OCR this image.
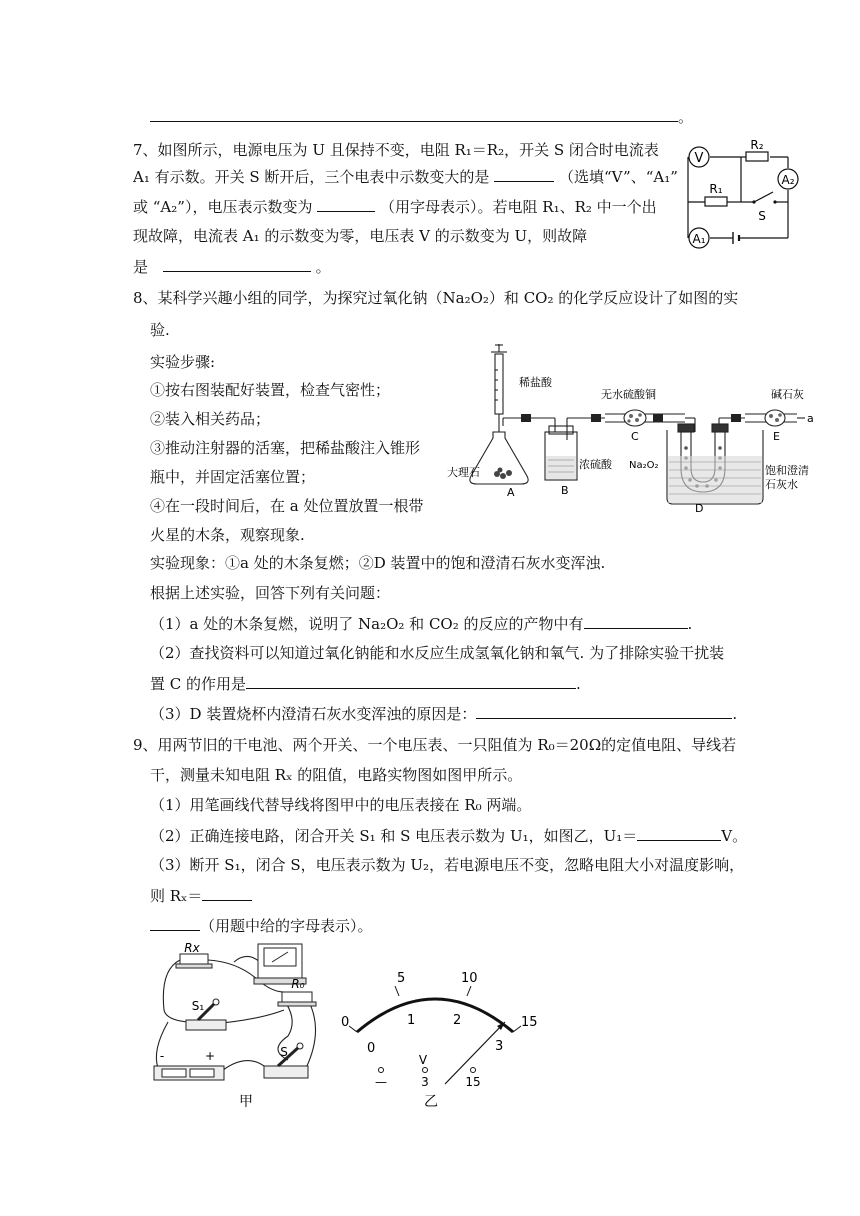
。
7、如图所示，电源电压为 U 且保持不变，电阻 R₁＝R₂，开关 S 闭合时电流表
A₁ 有示数。开关 S 断开后，三个电表中示数变大的是	（选填“V”、“A₁”
或 “A₂”），电压表示数变为	（用字母表示）。若电阻 R₁、R₂ 中一个出
现故障，电流表 A₁ 的示数变为零，电压表 V 的示数变为 U，则故障
是	。
V
R₂
A₂
R₁
S
A₁
8、某科学兴趣小组的同学，为探究过氧化钠（Na₂O₂）和 CO₂ 的化学反应设计了如图的实
验.
实验步骤:
①按右图装配好装置，检查气密性；
②装入相关药品；
③推动注射器的活塞，把稀盐酸注入锥形
瓶中，并固定活塞位置；
④在一段时间后，在 a 处位置放置一根带
火星的木条，观察现象.
实验现象：①a 处的木条复燃；②D 装置中的饱和澄清石灰水变浑浊.
根据上述实验，回答下列有关问题：
（1）a 处的木条复燃，说明了 Na₂O₂ 和 CO₂ 的反应的产物中有	.
（2）查找资料可以知道过氧化钠能和水反应生成氢氧化钠和氧气. 为了排除实验干扰装
置 C 的作用是	.
（3）D 装置烧杯内澄清石灰水变浑浊的原因是：	.
稀盐酸
无水硫酸铜	碱石灰
a
浓硫酸
大理石
Na₂O₂	饱和澄清
石灰水
A	B
C
D
E
9、用两节旧的干电池、两个开关、一个电压表、一只阻值为 R₀＝20Ω的定值电阻、导线若
干，测量未知电阻 Rₓ 的阻值，电路实物图如图甲所示。
（1）用笔画线代替导线将图甲中的电压表接在 R₀ 两端。
（2）正确连接电路，闭合开关 S₁ 和 S 电压表示数为 U₁，如图乙，U₁＝	V。
（3）断开 S₁，闭合 S，电压表示数为 U₂，若电源电压不变，忽略电阻大小对温度影响，
则 Rₓ＝
（用题中给的字母表示）。
Rx
S₁
R₀
-	+	S
甲
0
5	10
15
0
1	2
3
V
—	3	15
乙
